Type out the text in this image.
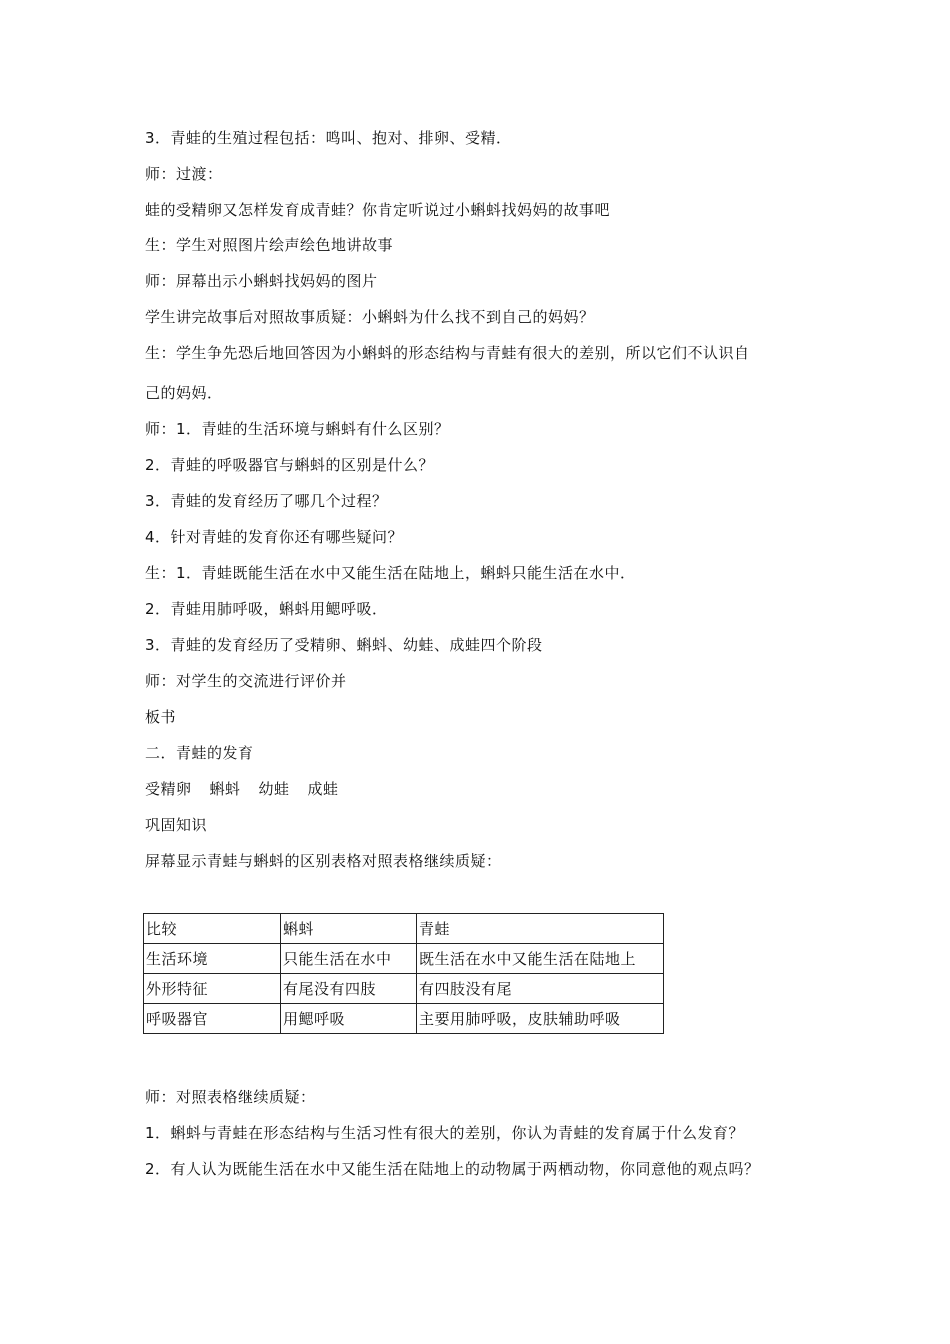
3．青蛙的生殖过程包括：鸣叫、抱对、排卵、受精．
师：过渡：
蛙的受精卵又怎样发育成青蛙？你肯定听说过小蝌蚪找妈妈的故事吧
生：学生对照图片绘声绘色地讲故事
师：屏幕出示小蝌蚪找妈妈的图片
学生讲完故事后对照故事质疑：小蝌蚪为什么找不到自己的妈妈？
生：学生争先恐后地回答因为小蝌蚪的形态结构与青蛙有很大的差别，所以它们不认识自
己的妈妈．
师：1．青蛙的生活环境与蝌蚪有什么区别？
2．青蛙的呼吸器官与蝌蚪的区别是什么？
3．青蛙的发育经历了哪几个过程？
4．针对青蛙的发育你还有哪些疑问？
生：1．青蛙既能生活在水中又能生活在陆地上，蝌蚪只能生活在水中．
2．青蛙用肺呼吸，蝌蚪用鳃呼吸．
3．青蛙的发育经历了受精卵、蝌蚪、幼蛙、成蛙四个阶段
师：对学生的交流进行评价并
板书
二．青蛙的发育
受精卵 蝌蚪 幼蛙 成蛙
巩固知识
屏幕显示青蛙与蝌蚪的区别表格对照表格继续质疑：
比较	蝌蚪	青蛙
生活环境	只能生活在水中	既生活在水中又能生活在陆地上
外形特征	有尾没有四肢	有四肢没有尾
呼吸器官	用鳃呼吸	主要用肺呼吸，皮肤辅助呼吸
师：对照表格继续质疑：
1．蝌蚪与青蛙在形态结构与生活习性有很大的差别，你认为青蛙的发育属于什么发育？
2．有人认为既能生活在水中又能生活在陆地上的动物属于两栖动物，你同意他的观点吗？
